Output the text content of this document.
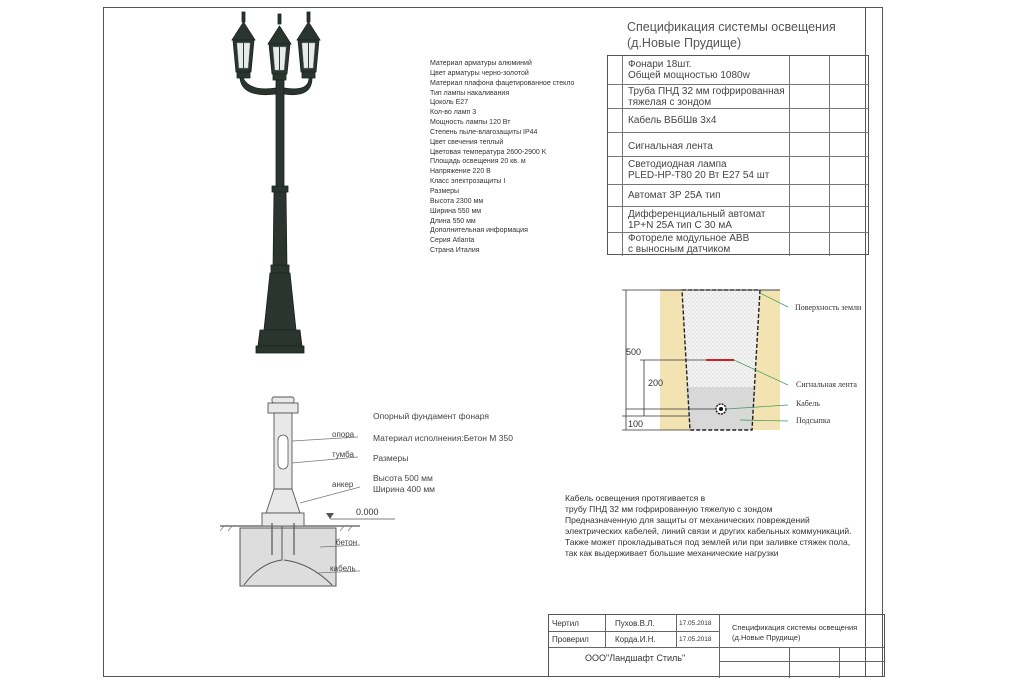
Материал арматуры алюминий
Цвет арматуры черно-золотой
Материал плафона фацетированное стекло
Тип лампы накаливания
Цоколь E27
Кол-во ламп 3
Мощность лампы 120 Вт
Степень пыле-влагозащиты IP44
Цвет свечения теплый
Цветовая температура 2600-2900 K
Площадь освещения 20 кв. м
Напряжение 220 В
Класс электрозащиты I
Размеры
Высота 2300 мм
Ширина 550 мм
Длина 550 мм
Дополнительная информация
Серия Atlanta
Страна Италия
Спецификация системы освещения
(д.Новые Прудище)
Фонари 18шт.
Общей мощностью 1080w
Труба ПНД 32 мм гофрированная
тяжелая с зондом
Кабель ВБбШв 3х4
Сигнальная лента
Светодиодная лампа
PLED-HP-T80 20 Вт E27 54 шт
Автомат 3Р 25А тип
Дифференциальный автомат
1P+N 25A тип С 30 мА
Фотореле модульное АВВ
с выносным датчиком
опора
тумба
анкер
0.000
бетон
кабель
Опорный фундамент фонаря
Материал исполнения:Бетон М 350
Размеры
Высота 500 мм
Ширина 400 мм
500
200
100
Поверхность земли
Сигнальная лента
Кабель
Подсыпка
Кабель освещения протягивается в
трубу ПНД 32 мм гофрированную тяжелую с зондом
Предназначенную для защиты от механических повреждений
электрических кабелей, линий связи и других кабельных коммуникаций.
Также может прокладываться под землей или при заливке стяжек пола,
так как выдерживает большие механические нагрузки
Чертил	Пухов.В.Л.	17.05.2018
Проверил	Корда.И.Н.	17.05.2018
ООО"Ландшафт Стиль"
Спецификация системы освещения
(д.Новые Прудище)
